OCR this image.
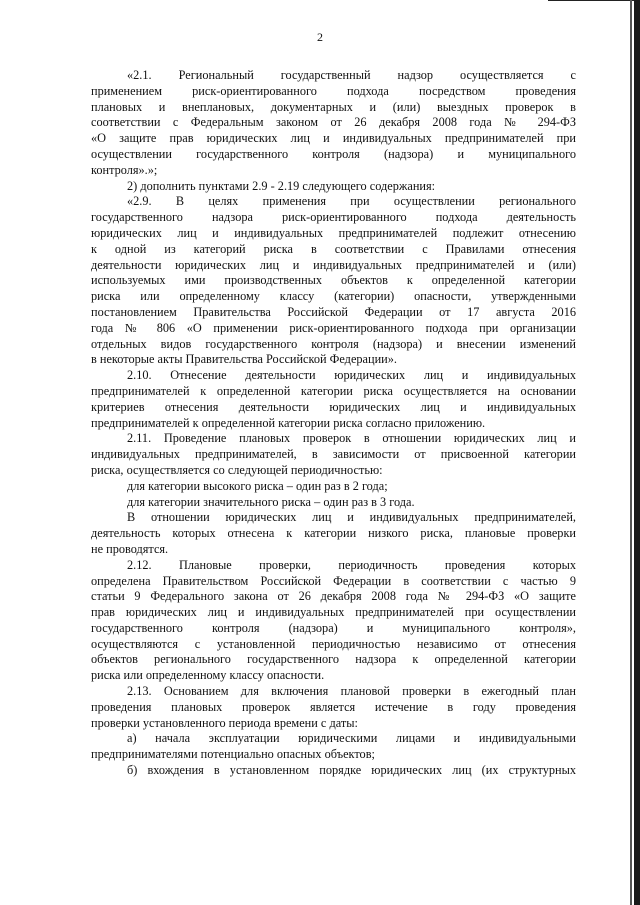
2
«2.1. Региональный государственный надзор осуществляется с
применением риск-ориентированного подхода посредством проведения
плановых и внеплановых, документарных и (или) выездных проверок в
соответствии с Федеральным законом от 26 декабря 2008 года № 294-ФЗ
«О защите прав юридических лиц и индивидуальных предпринимателей при
осуществлении государственного контроля (надзора) и муниципального
контроля».»;
2) дополнить пунктами 2.9 - 2.19 следующего содержания:
«2.9. В целях применения при осуществлении регионального
государственного надзора риск-ориентированного подхода деятельность
юридических лиц и индивидуальных предпринимателей подлежит отнесению
к одной из категорий риска в соответствии с Правилами отнесения
деятельности юридических лиц и индивидуальных предпринимателей и (или)
используемых ими производственных объектов к определенной категории
риска или определенному классу (категории) опасности, утвержденными
постановлением Правительства Российской Федерации от 17 августа 2016
года № 806 «О применении риск-ориентированного подхода при организации
отдельных видов государственного контроля (надзора) и внесении изменений
в некоторые акты Правительства Российской Федерации».
2.10. Отнесение деятельности юридических лиц и индивидуальных
предпринимателей к определенной категории риска осуществляется на основании
критериев отнесения деятельности юридических лиц и индивидуальных
предпринимателей к определенной категории риска согласно приложению.
2.11. Проведение плановых проверок в отношении юридических лиц и
индивидуальных предпринимателей, в зависимости от присвоенной категории
риска, осуществляется со следующей периодичностью:
для категории высокого риска – один раз в 2 года;
для категории значительного риска – один раз в 3 года.
В отношении юридических лиц и индивидуальных предпринимателей,
деятельность которых отнесена к категории низкого риска, плановые проверки
не проводятся.
2.12. Плановые проверки, периодичность проведения которых
определена Правительством Российской Федерации в соответствии с частью 9
статьи 9 Федерального закона от 26 декабря 2008 года № 294-ФЗ «О защите
прав юридических лиц и индивидуальных предпринимателей при осуществлении
государственного контроля (надзора) и муниципального контроля»,
осуществляются с установленной периодичностью независимо от отнесения
объектов регионального государственного надзора к определенной категории
риска или определенному классу опасности.
2.13. Основанием для включения плановой проверки в ежегодный план
проведения плановых проверок является истечение в году проведения
проверки установленного периода времени с даты:
а) начала эксплуатации юридическими лицами и индивидуальными
предпринимателями потенциально опасных объектов;
б) вхождения в установленном порядке юридических лиц (их структурных
